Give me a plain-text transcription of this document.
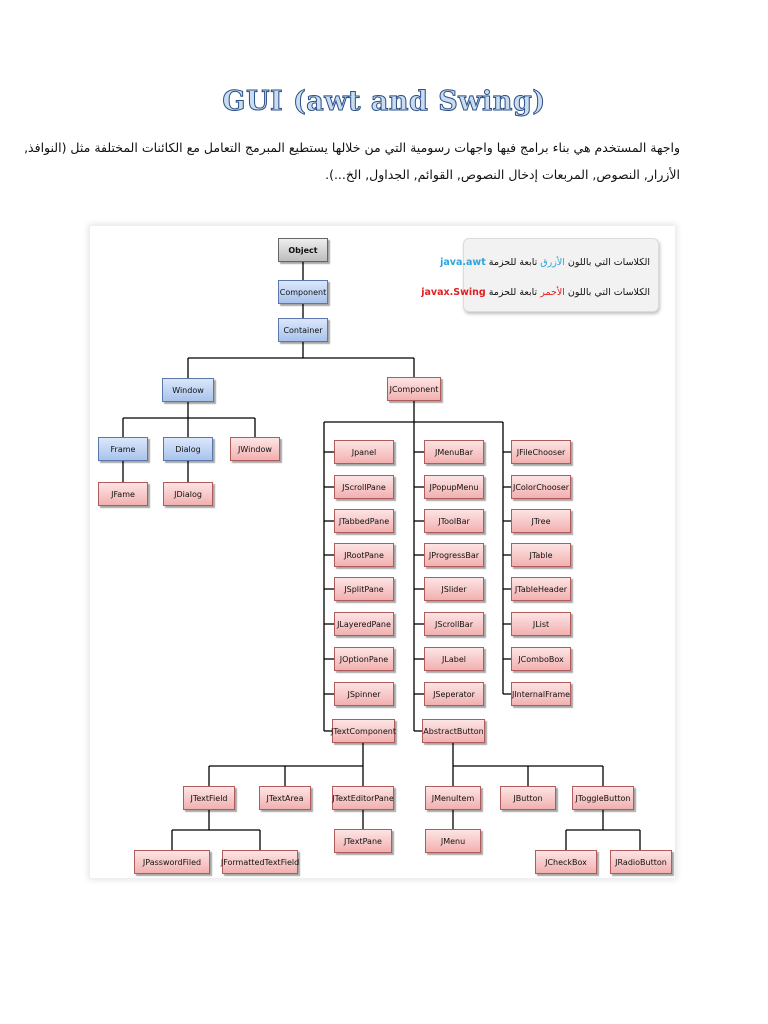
GUI (awt and Swing)
واجهة المستخدم هي بناء برامج فيها واجهات رسومية التي من خلالها يستطيع المبرمج التعامل مع الكائنات المختلفة مثل (النوافذ,
الأزرار, النصوص, المربعات إدخال النصوص, القوائم, الجداول, الخ...).
Object
Component
Container
Window
Frame	Dialog
JComponent
JWindow
JFame	JDialog
Jpanel
JScrollPane
JTabbedPane
JRootPane
JSplitPane
JLayeredPane
JOptionPane
JSpinner
JTextComponent
JMenuBar
JPopupMenu
JToolBar
JProgressBar
JSlider
JScrollBar
JLabel
JSeperator
AbstractButton
JFileChooser
JColorChooser
JTree
JTable
JTableHeader
JList
JComboBox
JInternalFrame
JTextField	JTextArea	JTextEditorPane
JTextPane
JPasswordFiled	JFormattedTextField
JMenuItem
JMenu
JButton	JToggleButton
JCheckBox	JRadioButton
الكلاسات التي باللون الأزرق تابعة للحزمة java.awt
الكلاسات التي باللون الأحمر تابعة للحزمة javax.Swing
